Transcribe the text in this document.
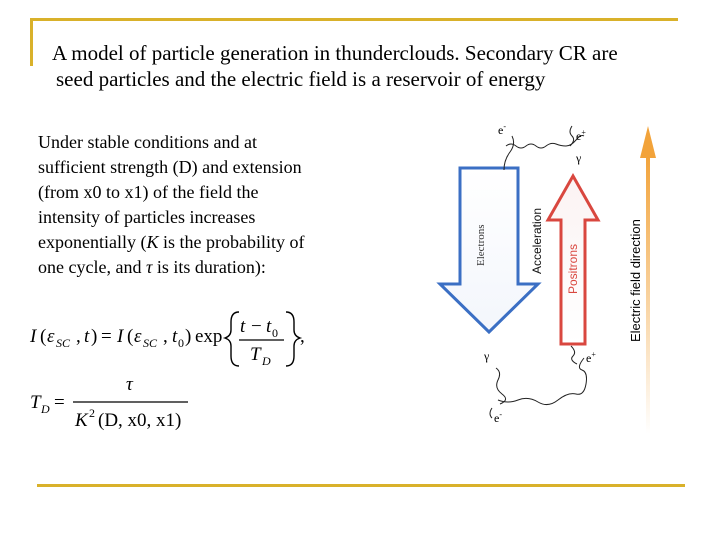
A model of particle generation in thunderclouds. Secondary CR are
seed particles and the electric field is a reservoir of energy
Under stable conditions and at
sufficient strength (D) and extension
(from x0 to x1) of the field the
intensity of particles increases
exponentially (K is the probability of
one cycle, and τ is its duration):
I ( ε SC , t ) = I ( ε SC , t 0 ) exp t − t 0
T D
,
T D =
τ
K 2 (D, x0, x1)
Electric field direction
Electrons	Positrons
Acceleration
e-
e+
γ
γ	e+
e-
